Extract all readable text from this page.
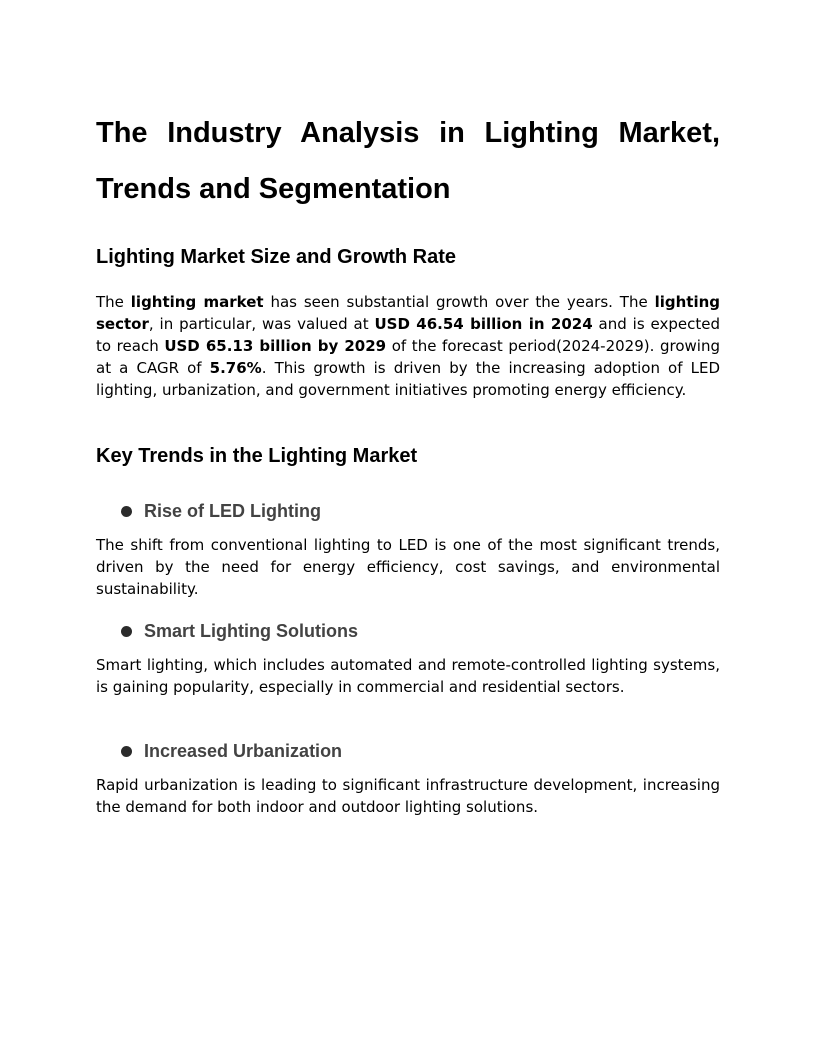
The Industry Analysis in Lighting Market, Trends and Segmentation
Lighting Market Size and Growth Rate

The lighting market has seen substantial growth over the years. The lighting sector, in particular, was valued at USD 46.54 billion in 2024 and is expected to reach USD 65.13 billion by 2029 of the forecast period(2024-2029). growing at a CAGR of 5.76%. This growth is driven by the increasing adoption of LED lighting, urbanization, and government initiatives promoting energy efficiency.

Key Trends in the Lighting Market
Rise of LED Lighting

The shift from conventional lighting to LED is one of the most significant trends, driven by the need for energy efficiency, cost savings, and environmental sustainability.

Smart Lighting Solutions

Smart lighting, which includes automated and remote-controlled lighting systems, is gaining popularity, especially in commercial and residential sectors.

Increased Urbanization

Rapid urbanization is leading to significant infrastructure development, increasing the demand for both indoor and outdoor lighting solutions.
